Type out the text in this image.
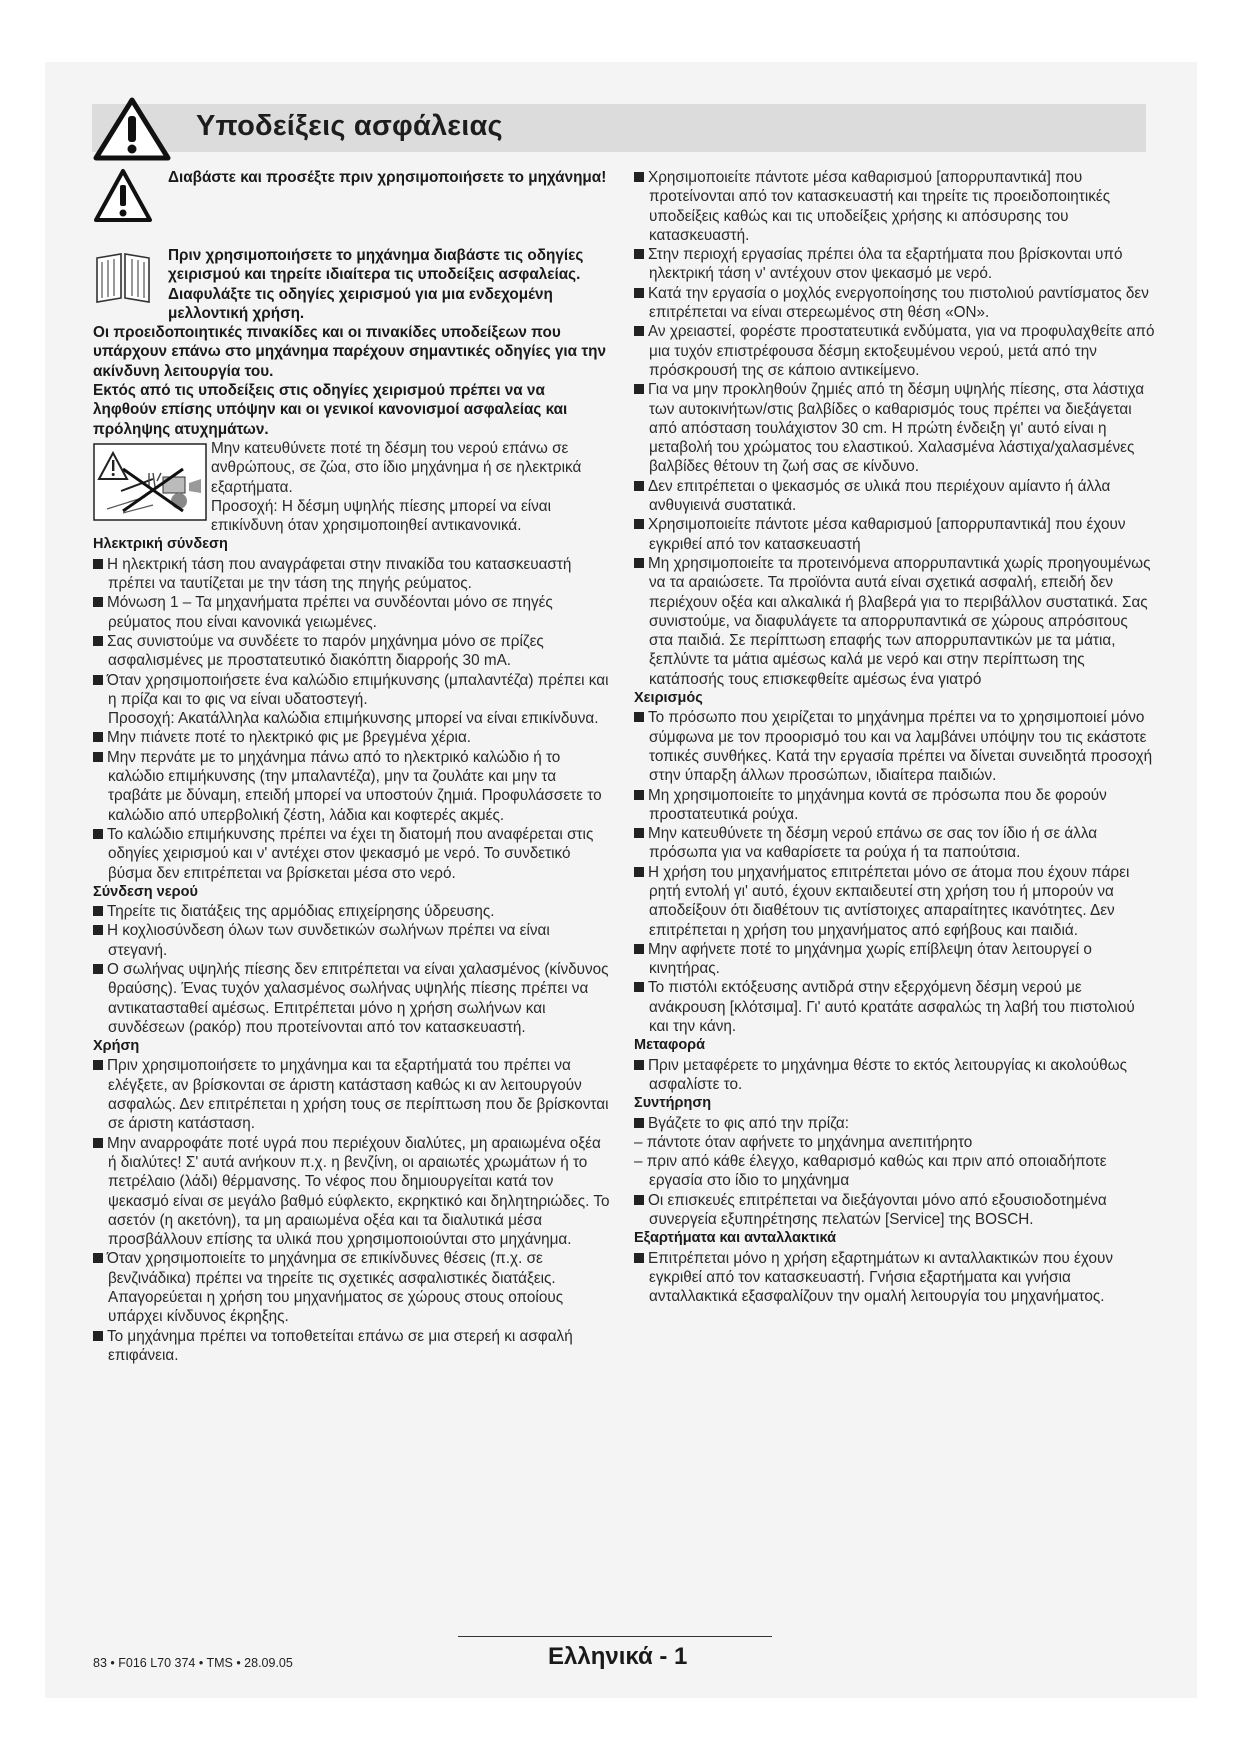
Υποδείξεις ασφάλειας
Διαβάστε και προσέξτε πριν χρησιμοποιήσετε το μηχάνημα!
Πριν χρησιμοποιήσετε το μηχάνημα διαβάστε τις οδηγίες χειρισμού και τηρείτε ιδιαίτερα τις υποδείξεις ασφαλείας. Διαφυλάξτε τις οδηγίες χειρισμού για μια ενδεχομένη μελλοντική χρήση.

Οι προειδοποιητικές πινακίδες και οι πινακίδες υποδείξεων που υπάρχουν επάνω στο μηχάνημα παρέχουν σημαντικές οδηγίες για την ακίνδυνη λειτουργία του.

Εκτός από τις υποδείξεις στις οδηγίες χειρισμού πρέπει να να ληφθούν επίσης υπόψην και οι γενικοί κανονισμοί ασφαλείας και πρόληψης ατυχημάτων.

Μην κατευθύνετε ποτέ τη δέσμη του νερού επάνω σε ανθρώπους, σε ζώα, στο ίδιο μηχάνημα ή σε ηλεκτρικά εξαρτήματα.

Προσοχή: Η δέσμη υψηλής πίεσης μπορεί να είναι επικίνδυνη όταν χρησιμοποιηθεί αντικανονικά.

Ηλεκτρική σύνδεση

Η ηλεκτρική τάση που αναγράφεται στην πινακίδα του κατασκευαστή πρέπει να ταυτίζεται με την τάση της πηγής ρεύματος.

Μόνωση 1 – Τα μηχανήματα πρέπει να συνδέονται μόνο σε πηγές ρεύματος που είναι κανονικά γειωμένες.

Σας συνιστούμε να συνδέετε το παρόν μηχάνημα μόνο σε πρίζες ασφαλισμένες με προστατευτικό διακόπτη διαρροής 30 mA.

Όταν χρησιμοποιήσετε ένα καλώδιο επιμήκυνσης (μπαλαντέζα) πρέπει και η πρίζα και το φις να είναι υδατοστεγή.

Προσοχή: Ακατάλληλα καλώδια επιμήκυνσης μπορεί να είναι επικίνδυνα.

Μην πιάνετε ποτέ το ηλεκτρικό φις με βρεγμένα χέρια.

Μην περνάτε με το μηχάνημα πάνω από το ηλεκτρικό καλώδιο ή το καλώδιο επιμήκυνσης (την μπαλαντέζα), μην τα ζουλάτε και μην τα τραβάτε με δύναμη, επειδή μπορεί να υποστούν ζημιά. Προφυλάσσετε το καλώδιο από υπερβολική ζέστη, λάδια και κοφτερές ακμές.

Το καλώδιο επιμήκυνσης πρέπει να έχει τη διατομή που αναφέρεται στις οδηγίες χειρισμού και ν' αντέχει στον ψεκασμό με νερό. Το συνδετικό βύσμα δεν επιτρέπεται να βρίσκεται μέσα στο νερό.

Σύνδεση νερού

Τηρείτε τις διατάξεις της αρμόδιας επιχείρησης ύδρευσης.

Η κοχλιοσύνδεση όλων των συνδετικών σωλήνων πρέπει να είναι στεγανή.

Ο σωλήνας υψηλής πίεσης δεν επιτρέπεται να είναι χαλασμένος (κίνδυνος θραύσης). Ένας τυχόν χαλασμένος σωλήνας υψηλής πίεσης πρέπει να αντικατασταθεί αμέσως. Επιτρέπεται μόνο η χρήση σωλήνων και συνδέσεων (ρακόρ) που προτείνονται από τον κατασκευαστή.

Χρήση

Πριν χρησιμοποιήσετε το μηχάνημα και τα εξαρτήματά του πρέπει να ελέγξετε, αν βρίσκονται σε άριστη κατάσταση καθώς κι αν λειτουργούν ασφαλώς. Δεν επιτρέπεται η χρήση τους σε περίπτωση που δε βρίσκονται σε άριστη κατάσταση.

Μην αναρροφάτε ποτέ υγρά που περιέχουν διαλύτες, μη αραιωμένα οξέα ή διαλύτες! Σ' αυτά ανήκουν π.χ. η βενζίνη, οι αραιωτές χρωμάτων ή το πετρέλαιο (λάδι) θέρμανσης. Το νέφος που δημιουργείται κατά τον ψεκασμό είναι σε μεγάλο βαθμό εύφλεκτο, εκρηκτικό και δηλητηριώδες. Το ασετόν (η ακετόνη), τα μη αραιωμένα οξέα και τα διαλυτικά μέσα προσβάλλουν επίσης τα υλικά που χρησιμοποιούνται στο μηχάνημα.

Όταν χρησιμοποιείτε το μηχάνημα σε επικίνδυνες θέσεις (π.χ. σε βενζινάδικα) πρέπει να τηρείτε τις σχετικές ασφαλιστικές διατάξεις. Απαγορεύεται η χρήση του μηχανήματος σε χώρους στους οποίους υπάρχει κίνδυνος έκρηξης.

Το μηχάνημα πρέπει να τοποθετείται επάνω σε μια στερεή κι ασφαλή επιφάνεια.

Χρησιμοποιείτε πάντοτε μέσα καθαρισμού [απορρυπαντικά] που προτείνονται από τον κατασκευαστή και τηρείτε τις προειδοποιητικές υποδείξεις καθώς και τις υποδείξεις χρήσης κι απόσυρσης του κατασκευαστή.

Στην περιοχή εργασίας πρέπει όλα τα εξαρτήματα που βρίσκονται υπό ηλεκτρική τάση ν' αντέχουν στον ψεκασμό με νερό.

Κατά την εργασία ο μοχλός ενεργοποίησης του πιστολιού ραντίσματος δεν επιτρέπεται να είναι στερεωμένος στη θέση «ON».

Αν χρειαστεί, φορέστε προστατευτικά ενδύματα, για να προφυλαχθείτε από μια τυχόν επιστρέφουσα δέσμη εκτοξευμένου νερού, μετά από την πρόσκρουσή της σε κάποιο αντικείμενο.

Για να μην προκληθούν ζημιές από τη δέσμη υψηλής πίεσης, στα λάστιχα των αυτοκινήτων/στις βαλβίδες ο καθαρισμός τους πρέπει να διεξάγεται από απόσταση τουλάχιστον 30 cm. Η πρώτη ένδειξη γι' αυτό είναι η μεταβολή του χρώματος του ελαστικού. Χαλασμένα λάστιχα/χαλασμένες βαλβίδες θέτουν τη ζωή σας σε κίνδυνο.

Δεν επιτρέπεται ο ψεκασμός σε υλικά που περιέχουν αμίαντο ή άλλα ανθυγιεινά συστατικά.

Χρησιμοποιείτε πάντοτε μέσα καθαρισμού [απορρυπαντικά] που έχουν εγκριθεί από τον κατασκευαστή

Μη χρησιμοποιείτε τα προτεινόμενα απορρυπαντικά χωρίς προηγουμένως να τα αραιώσετε. Τα προϊόντα αυτά είναι σχετικά ασφαλή, επειδή δεν περιέχουν οξέα και αλκαλικά ή βλαβερά για το περιβάλλον συστατικά. Σας συνιστούμε, να διαφυλάγετε τα απορρυπαντικά σε χώρους απρόσιτους στα παιδιά. Σε περίπτωση επαφής των απορρυπαντικών με τα μάτια, ξεπλύντε τα μάτια αμέσως καλά με νερό και στην περίπτωση της κατάποσής τους επισκεφθείτε αμέσως ένα γιατρό

Χειρισμός

Το πρόσωπο που χειρίζεται το μηχάνημα πρέπει να το χρησιμοποιεί μόνο σύμφωνα με τον προορισμό του και να λαμβάνει υπόψην του τις εκάστοτε τοπικές συνθήκες. Κατά την εργασία πρέπει να δίνεται συνειδητά προσοχή στην ύπαρξη άλλων προσώπων, ιδιαίτερα παιδιών.

Μη χρησιμοποιείτε το μηχάνημα κοντά σε πρόσωπα που δε φορούν προστατευτικά ρούχα.

Μην κατευθύνετε τη δέσμη νερού επάνω σε σας τον ίδιο ή σε άλλα πρόσωπα για να καθαρίσετε τα ρούχα ή τα παπούτσια.

Η χρήση του μηχανήματος επιτρέπεται μόνο σε άτομα που έχουν πάρει ρητή εντολή γι' αυτό, έχουν εκπαιδευτεί στη χρήση του ή μπορούν να αποδείξουν ότι διαθέτουν τις αντίστοιχες απαραίτητες ικανότητες. Δεν επιτρέπεται η χρήση του μηχανήματος από εφήβους και παιδιά.

Μην αφήνετε ποτέ το μηχάνημα χωρίς επίβλεψη όταν λειτουργεί ο κινητήρας.

Το πιστόλι εκτόξευσης αντιδρά στην εξερχόμενη δέσμη νερού με ανάκρουση [κλότσιμα]. Γι' αυτό κρατάτε ασφαλώς τη λαβή του πιστολιού και την κάνη.

Μεταφορά

Πριν μεταφέρετε το μηχάνημα θέστε το εκτός λειτουργίας κι ακολούθως ασφαλίστε το.

Συντήρηση

Βγάζετε το φις από την πρίζα:

– πάντοτε όταν αφήνετε το μηχάνημα ανεπιτήρητο

– πριν από κάθε έλεγχο, καθαρισμό καθώς και πριν από οποιαδήποτε εργασία στο ίδιο το μηχάνημα

Οι επισκευές επιτρέπεται να διεξάγονται μόνο από εξουσιοδοτημένα συνεργεία εξυπηρέτησης πελατών [Service] της BOSCH.

Εξαρτήματα και ανταλλακτικά

Επιτρέπεται μόνο η χρήση εξαρτημάτων κι ανταλλακτικών που έχουν εγκριθεί από τον κατασκευαστή. Γνήσια εξαρτήματα και γνήσια ανταλλακτικά εξασφαλίζουν την ομαλή λειτουργία του μηχανήματος.

83 • F016 L70 374 • TMS • 28.09.05	Ελληνικά - 1
